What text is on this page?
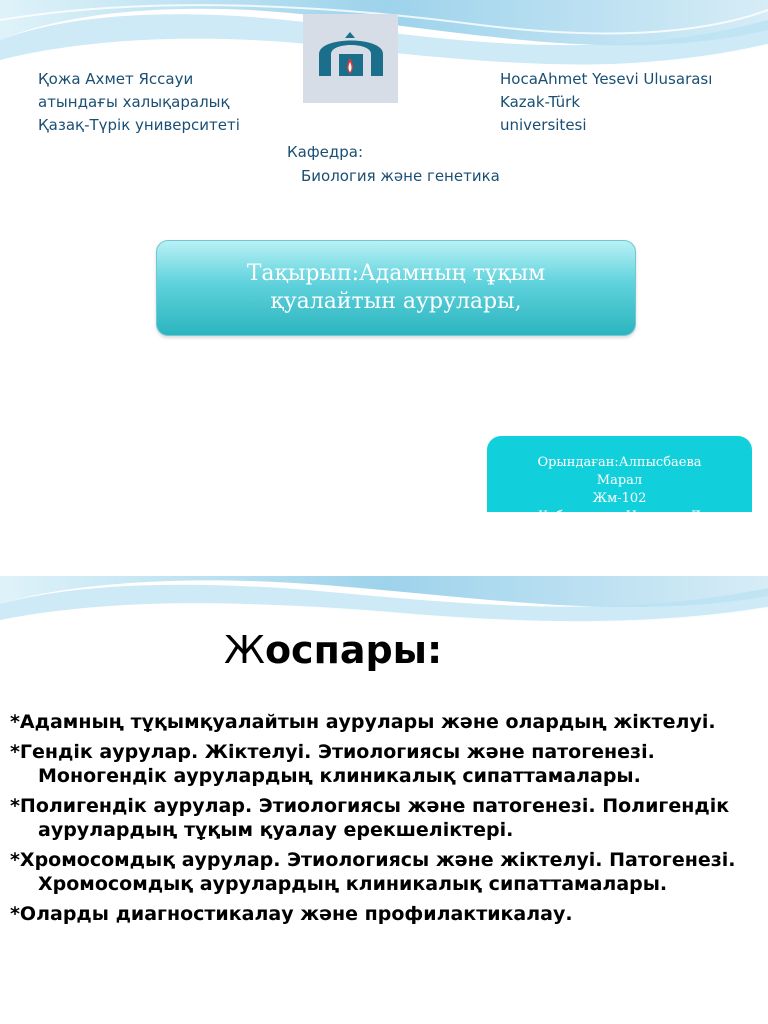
Қожа Ахмет Яссауи
атындағы халықаралық
Қазақ-Түрік университеті
HocaAhmet Yesevi Ulusarası
Kazak-Türk
universitesi
Кафедра:
Биология және генетика
Тақырып:Адамның тұқым
қуалайтын аурулары,
Орындаған:Алпысбаева
Марал
Жм-102
Жоспары:
*Адамның тұқымқуалайтын аурулары және олардың жіктелуі.
*Гендік аурулар. Жіктелуі. Этиологиясы және патогенезі. Моногендік аурулардың клиникалық сипаттамалары.
*Полигендік аурулар. Этиологиясы және патогенезі. Полигендік аурулардың тұқым қуалау ерекшеліктері.
*Хромосомдық аурулар. Этиологиясы және жіктелуі. Патогенезі. Хромосомдық аурулардың клиникалық сипаттамалары.
*Оларды диагностикалау және профилактикалау.
